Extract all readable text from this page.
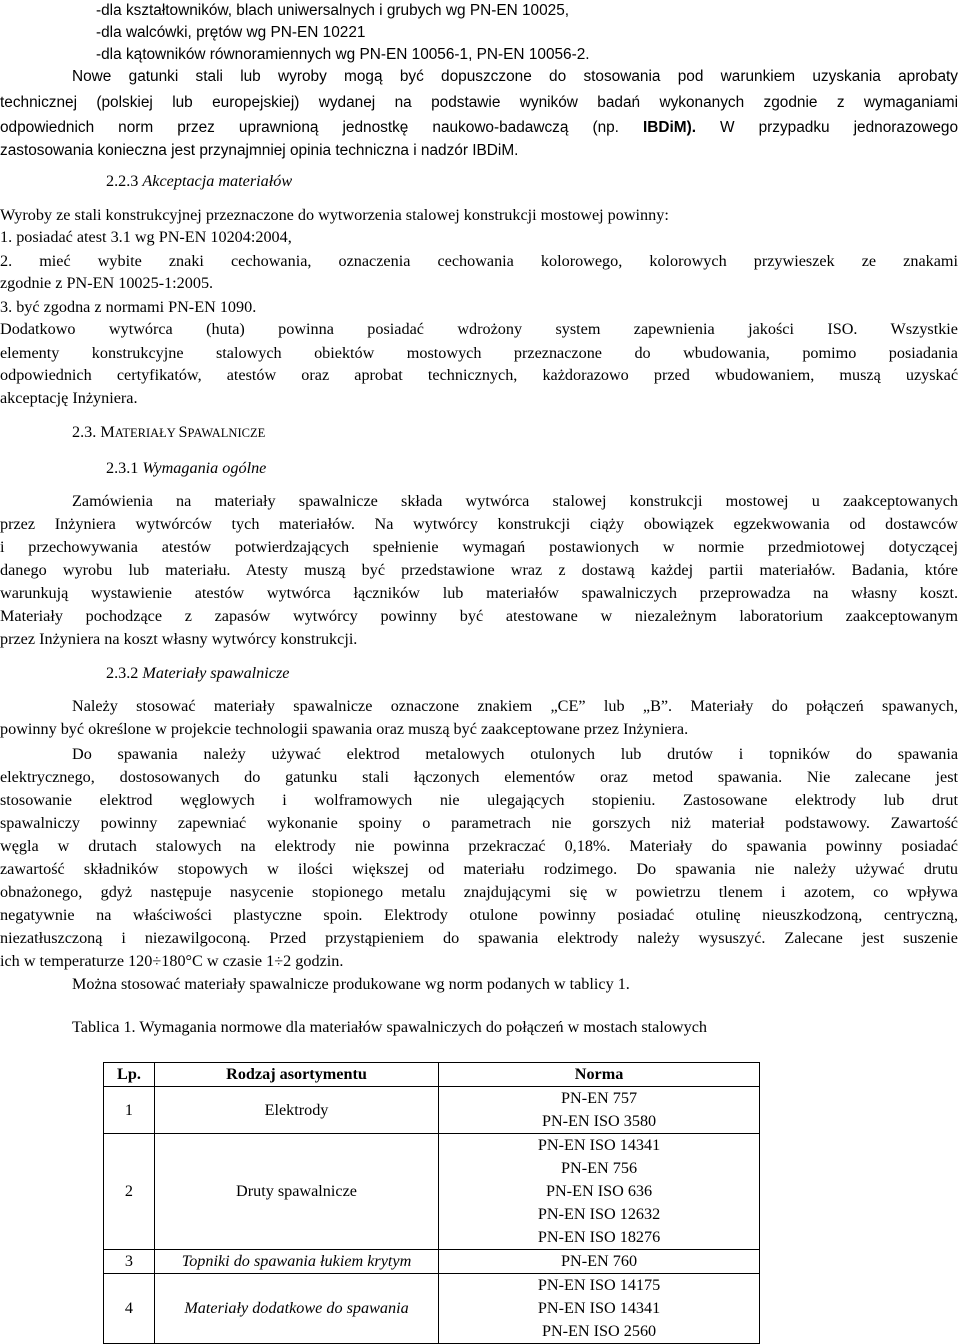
-dla kształtowników, blach uniwersalnych i grubych wg PN-EN 10025,
-dla walcówki, prętów wg PN-EN 10221
-dla kątowników równoramiennych wg PN-EN 10056-1, PN-EN 10056-2.
Nowe gatunki stali lub wyroby mogą być dopuszczone do stosowania pod warunkiem uzyskania aprobaty
technicznej (polskiej lub europejskiej) wydanej na podstawie wyników badań wykonanych zgodnie z wymaganiami
odpowiednich norm przez uprawnioną jednostkę naukowo-badawczą (np. IBDiM). W przypadku jednorazowego
zastosowania konieczna jest przynajmniej opinia techniczna i nadzór IBDiM.
2.2.3 Akceptacja materiałów
Wyroby ze stali konstrukcyjnej przeznaczone do wytworzenia stalowej konstrukcji mostowej powinny:
1. posiadać atest 3.1 wg PN-EN 10204:2004,
2. mieć wybite znaki cechowania, oznaczenia cechowania kolorowego, kolorowych przywieszek ze znakami
zgodnie z PN-EN 10025-1:2005.
3. być zgodna z normami PN-EN 1090.
Dodatkowo wytwórca (huta) powinna posiadać wdrożony system zapewnienia jakości ISO. Wszystkie
elementy konstrukcyjne stalowych obiektów mostowych przeznaczone do wbudowania, pomimo posiadania
odpowiednich certyfikatów, atestów oraz aprobat technicznych, każdorazowo przed wbudowaniem, muszą uzyskać
akceptację Inżyniera.
2.3. MATERIAŁY SPAWALNICZE
2.3.1 Wymagania ogólne
Zamówienia na materiały spawalnicze składa wytwórca stalowej konstrukcji mostowej u zaakceptowanych
przez Inżyniera wytwórców tych materiałów. Na wytwórcy konstrukcji ciąży obowiązek egzekwowania od dostawców
i przechowywania atestów potwierdzających spełnienie wymagań postawionych w normie przedmiotowej dotyczącej
danego wyrobu lub materiału. Atesty muszą być przedstawione wraz z dostawą każdej partii materiałów. Badania, które
warunkują wystawienie atestów wytwórca łączników lub materiałów spawalniczych przeprowadza na własny koszt.
Materiały pochodzące z zapasów wytwórcy powinny być atestowane w niezależnym laboratorium zaakceptowanym
przez Inżyniera na koszt własny wytwórcy konstrukcji.
2.3.2 Materiały spawalnicze
Należy stosować materiały spawalnicze oznaczone znakiem „CE” lub „B”. Materiały do połączeń spawanych,
powinny być określone w projekcie technologii spawania oraz muszą być zaakceptowane przez Inżyniera.
Do spawania należy używać elektrod metalowych otulonych lub drutów i topników do spawania
elektrycznego, dostosowanych do gatunku stali łączonych elementów oraz metod spawania. Nie zalecane jest
stosowanie elektrod węglowych i wolframowych nie ulegających stopieniu. Zastosowane elektrody lub drut
spawalniczy powinny zapewniać wykonanie spoiny o parametrach nie gorszych niż materiał podstawowy. Zawartość
węgla w drutach stalowych na elektrody nie powinna przekraczać 0,18%. Materiały do spawania powinny posiadać
zawartość składników stopowych w ilości większej od materiału rodzimego. Do spawania nie należy używać drutu
obnażonego, gdyż następuje nasycenie stopionego metalu znajdującymi się w powietrzu tlenem i azotem, co wpływa
negatywnie na właściwości plastyczne spoin. Elektrody otulone powinny posiadać otulinę nieuszkodzoną, centryczną,
niezatłuszczoną i niezawilgoconą. Przed przystąpieniem do spawania elektrody należy wysuszyć. Zalecane jest suszenie
ich w temperaturze 120÷180°C w czasie 1÷2 godzin.
Można stosować materiały spawalnicze produkowane wg norm podanych w tablicy 1.
Tablica 1. Wymagania normowe dla materiałów spawalniczych do połączeń w mostach stalowych
Lp.	Rodzaj asortymentu	Norma
1	Elektrody	PN-EN 757
PN-EN ISO 3580

2	Druty spawalnicze	PN-EN ISO 14341
PN-EN 756
PN-EN ISO 636
PN-EN ISO 12632
PN-EN ISO 18276

3	Topniki do spawania łukiem krytym	PN-EN 760

4	Materiały dodatkowe do spawania	PN-EN ISO 14175
PN-EN ISO 14341
PN-EN ISO 2560
